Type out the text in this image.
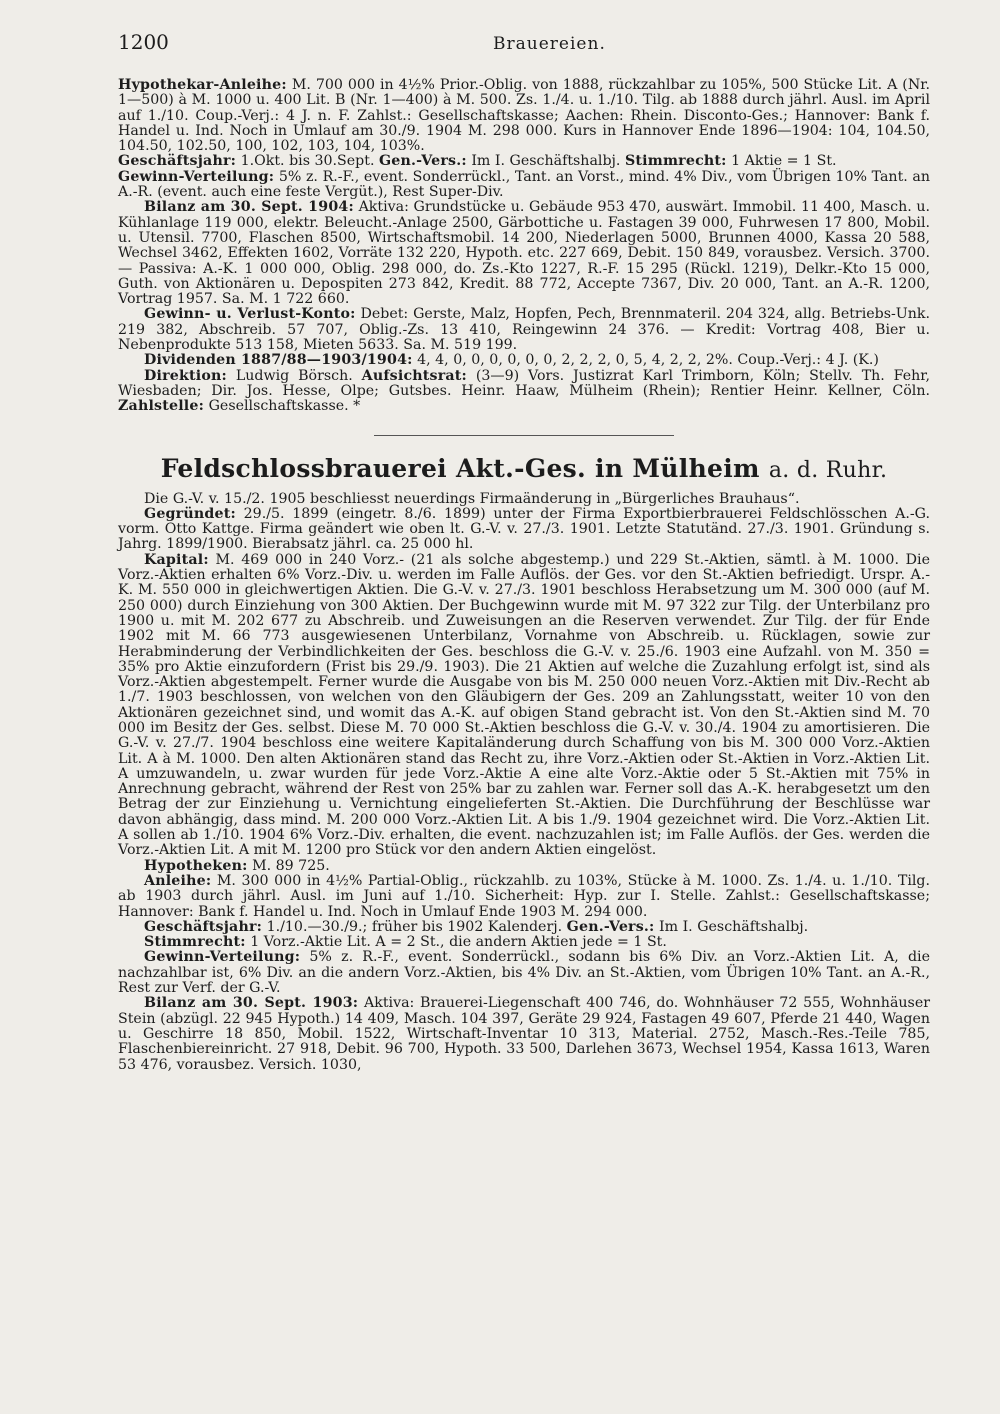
1200	Brauereien.

Hypothekar-Anleihe: M. 700 000 in 4½% Prior.-Oblig. von 1888, rückzahlbar zu 105%, 500 Stücke Lit. A (Nr. 1—500) à M. 1000 u. 400 Lit. B (Nr. 1—400) à M. 500. Zs. 1./4. u. 1./10. Tilg. ab 1888 durch jährl. Ausl. im April auf 1./10. Coup.-Verj.: 4 J. n. F. Zahlst.: Gesellschaftskasse; Aachen: Rhein. Disconto-Ges.; Hannover: Bank f. Handel u. Ind. Noch in Umlauf am 30./9. 1904 M. 298 000. Kurs in Hannover Ende 1896—1904: 104, 104.50, 104.50, 102.50, 100, 102, 103, 104, 103%.

Geschäftsjahr: 1.Okt. bis 30.Sept. Gen.-Vers.: Im I. Geschäftshalbj. Stimmrecht: 1 Aktie = 1 St.

Gewinn-Verteilung: 5% z. R.-F., event. Sonderrückl., Tant. an Vorst., mind. 4% Div., vom Übrigen 10% Tant. an A.-R. (event. auch eine feste Vergüt.), Rest Super-Div.

Bilanz am 30. Sept. 1904: Aktiva: Grundstücke u. Gebäude 953 470, auswärt. Immobil. 11 400, Masch. u. Kühlanlage 119 000, elektr. Beleucht.-Anlage 2500, Gärbottiche u. Fastagen 39 000, Fuhrwesen 17 800, Mobil. u. Utensil. 7700, Flaschen 8500, Wirtschaftsmobil. 14 200, Niederlagen 5000, Brunnen 4000, Kassa 20 588, Wechsel 3462, Effekten 1602, Vorräte 132 220, Hypoth. etc. 227 669, Debit. 150 849, vorausbez. Versich. 3700. — Passiva: A.-K. 1 000 000, Oblig. 298 000, do. Zs.-Kto 1227, R.-F. 15 295 (Rückl. 1219), Delkr.-Kto 15 000, Guth. von Aktionären u. Depospiten 273 842, Kredit. 88 772, Accepte 7367, Div. 20 000, Tant. an A.-R. 1200, Vortrag 1957. Sa. M. 1 722 660.

Gewinn- u. Verlust-Konto: Debet: Gerste, Malz, Hopfen, Pech, Brennmateril. 204 324, allg. Betriebs-Unk. 219 382, Abschreib. 57 707, Oblig.-Zs. 13 410, Reingewinn 24 376. — Kredit: Vortrag 408, Bier u. Nebenprodukte 513 158, Mieten 5633. Sa. M. 519 199.

Dividenden 1887/88—1903/1904: 4, 4, 0, 0, 0, 0, 0, 0, 2, 2, 2, 0, 5, 4, 2, 2, 2%. Coup.-Verj.: 4 J. (K.)

Direktion: Ludwig Börsch. Aufsichtsrat: (3—9) Vors. Justizrat Karl Trimborn, Köln; Stellv. Th. Fehr, Wiesbaden; Dir. Jos. Hesse, Olpe; Gutsbes. Heinr. Haaw, Mülheim (Rhein); Rentier Heinr. Kellner, Cöln. Zahlstelle: Gesellschaftskasse. *

Feldschlossbrauerei Akt.-Ges. in Mülheim a. d. Ruhr.

Die G.-V. v. 15./2. 1905 beschliesst neuerdings Firmaänderung in „Bürgerliches Brauhaus“.

Gegründet: 29./5. 1899 (eingetr. 8./6. 1899) unter der Firma Exportbierbrauerei Feldschlösschen A.-G. vorm. Otto Kattge. Firma geändert wie oben lt. G.-V. v. 27./3. 1901. Letzte Statutänd. 27./3. 1901. Gründung s. Jahrg. 1899/1900. Bierabsatz jährl. ca. 25 000 hl.

Kapital: M. 469 000 in 240 Vorz.- (21 als solche abgestemp.) und 229 St.-Aktien, sämtl. à M. 1000. Die Vorz.-Aktien erhalten 6% Vorz.-Div. u. werden im Falle Auflös. der Ges. vor den St.-Aktien befriedigt. Urspr. A.-K. M. 550 000 in gleichwertigen Aktien. Die G.-V. v. 27./3. 1901 beschloss Herabsetzung um M. 300 000 (auf M. 250 000) durch Einziehung von 300 Aktien. Der Buchgewinn wurde mit M. 97 322 zur Tilg. der Unterbilanz pro 1900 u. mit M. 202 677 zu Abschreib. und Zuweisungen an die Reserven verwendet. Zur Tilg. der für Ende 1902 mit M. 66 773 ausgewiesenen Unterbilanz, Vornahme von Abschreib. u. Rücklagen, sowie zur Herabminderung der Verbindlichkeiten der Ges. beschloss die G.-V. v. 25./6. 1903 eine Aufzahl. von M. 350 = 35% pro Aktie einzufordern (Frist bis 29./9. 1903). Die 21 Aktien auf welche die Zuzahlung erfolgt ist, sind als Vorz.-Aktien abgestempelt. Ferner wurde die Ausgabe von bis M. 250 000 neuen Vorz.-Aktien mit Div.-Recht ab 1./7. 1903 beschlossen, von welchen von den Gläubigern der Ges. 209 an Zahlungsstatt, weiter 10 von den Aktionären gezeichnet sind, und womit das A.-K. auf obigen Stand gebracht ist. Von den St.-Aktien sind M. 70 000 im Besitz der Ges. selbst. Diese M. 70 000 St.-Aktien beschloss die G.-V. v. 30./4. 1904 zu amortisieren. Die G.-V. v. 27./7. 1904 beschloss eine weitere Kapitaländerung durch Schaffung von bis M. 300 000 Vorz.-Aktien Lit. A à M. 1000. Den alten Aktionären stand das Recht zu, ihre Vorz.-Aktien oder St.-Aktien in Vorz.-Aktien Lit. A umzuwandeln, u. zwar wurden für jede Vorz.-Aktie A eine alte Vorz.-Aktie oder 5 St.-Aktien mit 75% in Anrechnung gebracht, während der Rest von 25% bar zu zahlen war. Ferner soll das A.-K. herabgesetzt um den Betrag der zur Einziehung u. Vernichtung eingelieferten St.-Aktien. Die Durchführung der Beschlüsse war davon abhängig, dass mind. M. 200 000 Vorz.-Aktien Lit. A bis 1./9. 1904 gezeichnet wird. Die Vorz.-Aktien Lit. A sollen ab 1./10. 1904 6% Vorz.-Div. erhalten, die event. nachzuzahlen ist; im Falle Auflös. der Ges. werden die Vorz.-Aktien Lit. A mit M. 1200 pro Stück vor den andern Aktien eingelöst.

Hypotheken: M. 89 725.

Anleihe: M. 300 000 in 4½% Partial-Oblig., rückzahlb. zu 103%, Stücke à M. 1000. Zs. 1./4. u. 1./10. Tilg. ab 1903 durch jährl. Ausl. im Juni auf 1./10. Sicherheit: Hyp. zur I. Stelle. Zahlst.: Gesellschaftskasse; Hannover: Bank f. Handel u. Ind. Noch in Umlauf Ende 1903 M. 294 000.

Geschäftsjahr: 1./10.—30./9.; früher bis 1902 Kalenderj. Gen.-Vers.: Im I. Geschäftshalbj.

Stimmrecht: 1 Vorz.-Aktie Lit. A = 2 St., die andern Aktien jede = 1 St.

Gewinn-Verteilung: 5% z. R.-F., event. Sonderrückl., sodann bis 6% Div. an Vorz.-Aktien Lit. A, die nachzahlbar ist, 6% Div. an die andern Vorz.-Aktien, bis 4% Div. an St.-Aktien, vom Übrigen 10% Tant. an A.-R., Rest zur Verf. der G.-V.

Bilanz am 30. Sept. 1903: Aktiva: Brauerei-Liegenschaft 400 746, do. Wohnhäuser 72 555, Wohnhäuser Stein (abzügl. 22 945 Hypoth.) 14 409, Masch. 104 397, Geräte 29 924, Fastagen 49 607, Pferde 21 440, Wagen u. Geschirre 18 850, Mobil. 1522, Wirtschaft-Inventar 10 313, Material. 2752, Masch.-Res.-Teile 785, Flaschenbiereinricht. 27 918, Debit. 96 700, Hypoth. 33 500, Darlehen 3673, Wechsel 1954, Kassa 1613, Waren 53 476, vorausbez. Versich. 1030,
